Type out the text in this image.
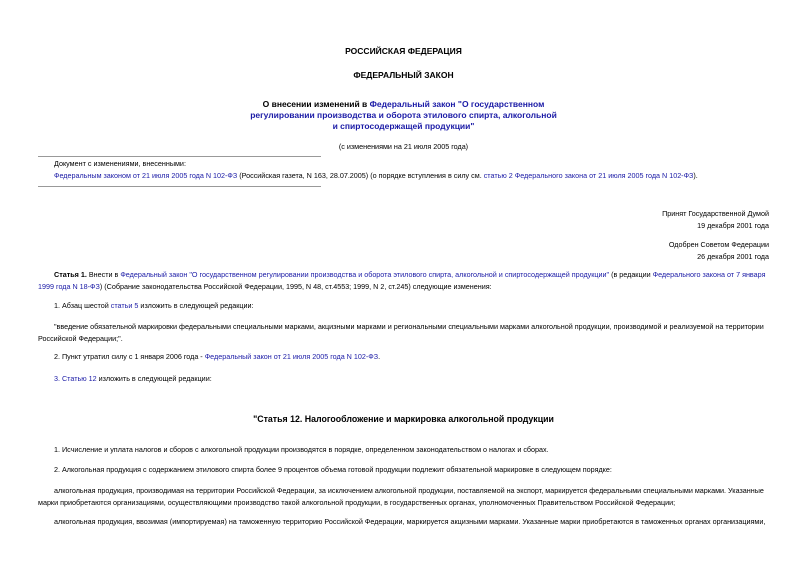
РОССИЙСКАЯ ФЕДЕРАЦИЯ
ФЕДЕРАЛЬНЫЙ ЗАКОН
О внесении изменений в Федеральный закон "О государственном регулировании производства и оборота этилового спирта, алкогольной и спиртосодержащей продукции"
(с изменениями на 21 июля 2005 года)
Документ с изменениями, внесенными:
Федеральным законом от 21 июля 2005 года N 102-ФЗ (Российская газета, N 163, 28.07.2005) (о порядке вступления в силу см. статью 2 Федерального закона от 21 июля 2005 года N 102-ФЗ).
Принят Государственной Думой
19 декабря 2001 года
Одобрен Советом Федерации
26 декабря 2001 года
Статья 1. Внести в Федеральный закон "О государственном регулировании производства и оборота этилового спирта, алкогольной и спиртосодержащей продукции" (в редакции Федерального закона от 7 января 1999 года N 18-ФЗ) (Собрание законодательства Российской Федерации, 1995, N 48, ст.4553; 1999, N 2, ст.245) следующие изменения:
1. Абзац шестой статьи 5 изложить в следующей редакции:
"введение обязательной маркировки федеральными специальными марками, акцизными марками и региональными специальными марками алкогольной продукции, производимой и реализуемой на территории Российской Федерации;".
2. Пункт утратил силу с 1 января 2006 года - Федеральный закон от 21 июля 2005 года N 102-ФЗ.
3. Статью 12 изложить в следующей редакции:
"Статья 12. Налогообложение и маркировка алкогольной продукции
1. Исчисление и уплата налогов и сборов с алкогольной продукции производятся в порядке, определенном законодательством о налогах и сборах.
2. Алкогольная продукция с содержанием этилового спирта более 9 процентов объема готовой продукции подлежит обязательной маркировке в следующем порядке:
алкогольная продукция, производимая на территории Российской Федерации, за исключением алкогольной продукции, поставляемой на экспорт, маркируется федеральными специальными марками. Указанные марки приобретаются организациями, осуществляющими производство такой алкогольной продукции, в государственных органах, уполномоченных Правительством Российской Федерации;
алкогольная продукция, ввозимая (импортируемая) на таможенную территорию Российской Федерации, маркируется акцизными марками. Указанные марки приобретаются в таможенных органах организациями,
